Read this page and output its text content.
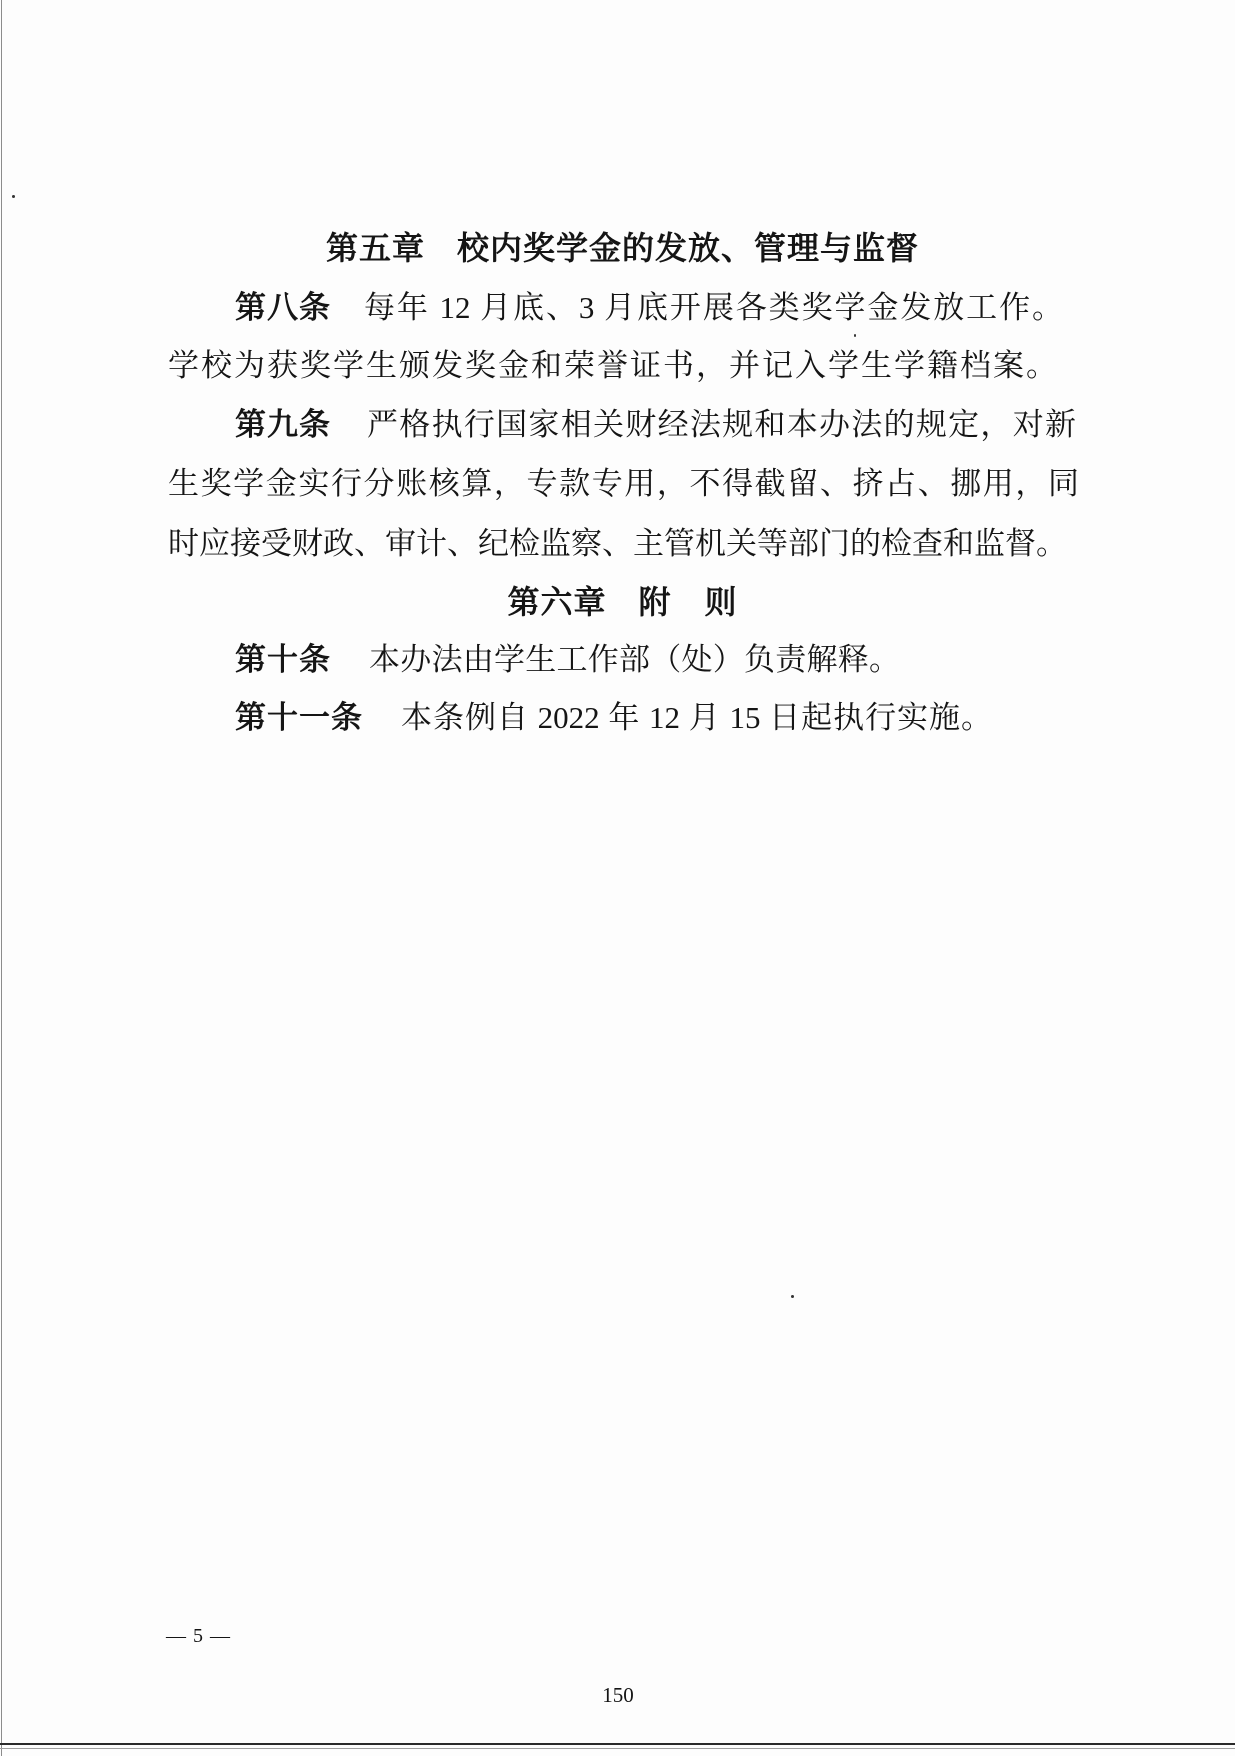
第五章 校内奖学金的发放、管理与监督
第八条 每年 12 月底、3 月底开展各类奖学金发放工作。
学校为获奖学生颁发奖金和荣誉证书，并记入学生学籍档案。
第九条 严格执行国家相关财经法规和本办法的规定，对新
生奖学金实行分账核算，专款专用，不得截留、挤占、挪用，同
时应接受财政、审计、纪检监察、主管机关等部门的检查和监督。
第六章 附　则
第十条 本办法由学生工作部（处）负责解释。
第十一条 本条例自 2022 年 12 月 15 日起执行实施。
— 5 —
150
